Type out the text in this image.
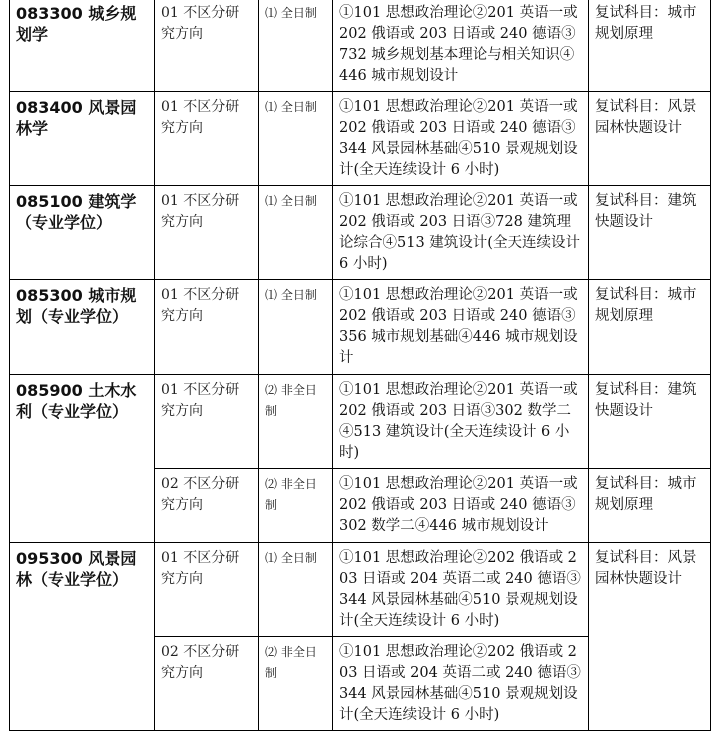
083300 城乡规划学	01 不区分研究方向	⑴ 全日制	①101 思想政治理论②201 英语一或 202 俄语或 203 日语或 240 德语③732 城乡规划基本理论与相关知识④446 城市规划设计	复试科目：城市规划原理
083400 风景园林学	01 不区分研究方向	⑴ 全日制	①101 思想政治理论②201 英语一或 202 俄语或 203 日语或 240 德语③344 风景园林基础④510 景观规划设计(全天连续设计 6 小时)	复试科目：风景园林快题设计
085100 建筑学（专业学位）	01 不区分研究方向	⑴ 全日制	①101 思想政治理论②201 英语一或 202 俄语或 203 日语③728 建筑理论综合④513 建筑设计(全天连续设计 6 小时)	复试科目：建筑快题设计
085300 城市规划（专业学位）	01 不区分研究方向	⑴ 全日制	①101 思想政治理论②201 英语一或 202 俄语或 203 日语或 240 德语③356 城市规划基础④446 城市规划设计	复试科目：城市规划原理
085900 土木水利（专业学位）	01 不区分研究方向	⑵ 非全日制	①101 思想政治理论②201 英语一或 202 俄语或 203 日语③302 数学二④513 建筑设计(全天连续设计 6 小时)	复试科目：建筑快题设计
	02 不区分研究方向	⑵ 非全日制	①101 思想政治理论②201 英语一或 202 俄语或 203 日语或 240 德语③302 数学二④446 城市规划设计	复试科目：城市规划原理
095300 风景园林（专业学位）	01 不区分研究方向	⑴ 全日制	①101 思想政治理论②202 俄语或 203 日语或 204 英语二或 240 德语③344 风景园林基础④510 景观规划设计(全天连续设计 6 小时)	复试科目：风景园林快题设计
	02 不区分研究方向	⑵ 非全日制	①101 思想政治理论②202 俄语或 203 日语或 204 英语二或 240 德语③344 风景园林基础④510 景观规划设计(全天连续设计 6 小时)	
